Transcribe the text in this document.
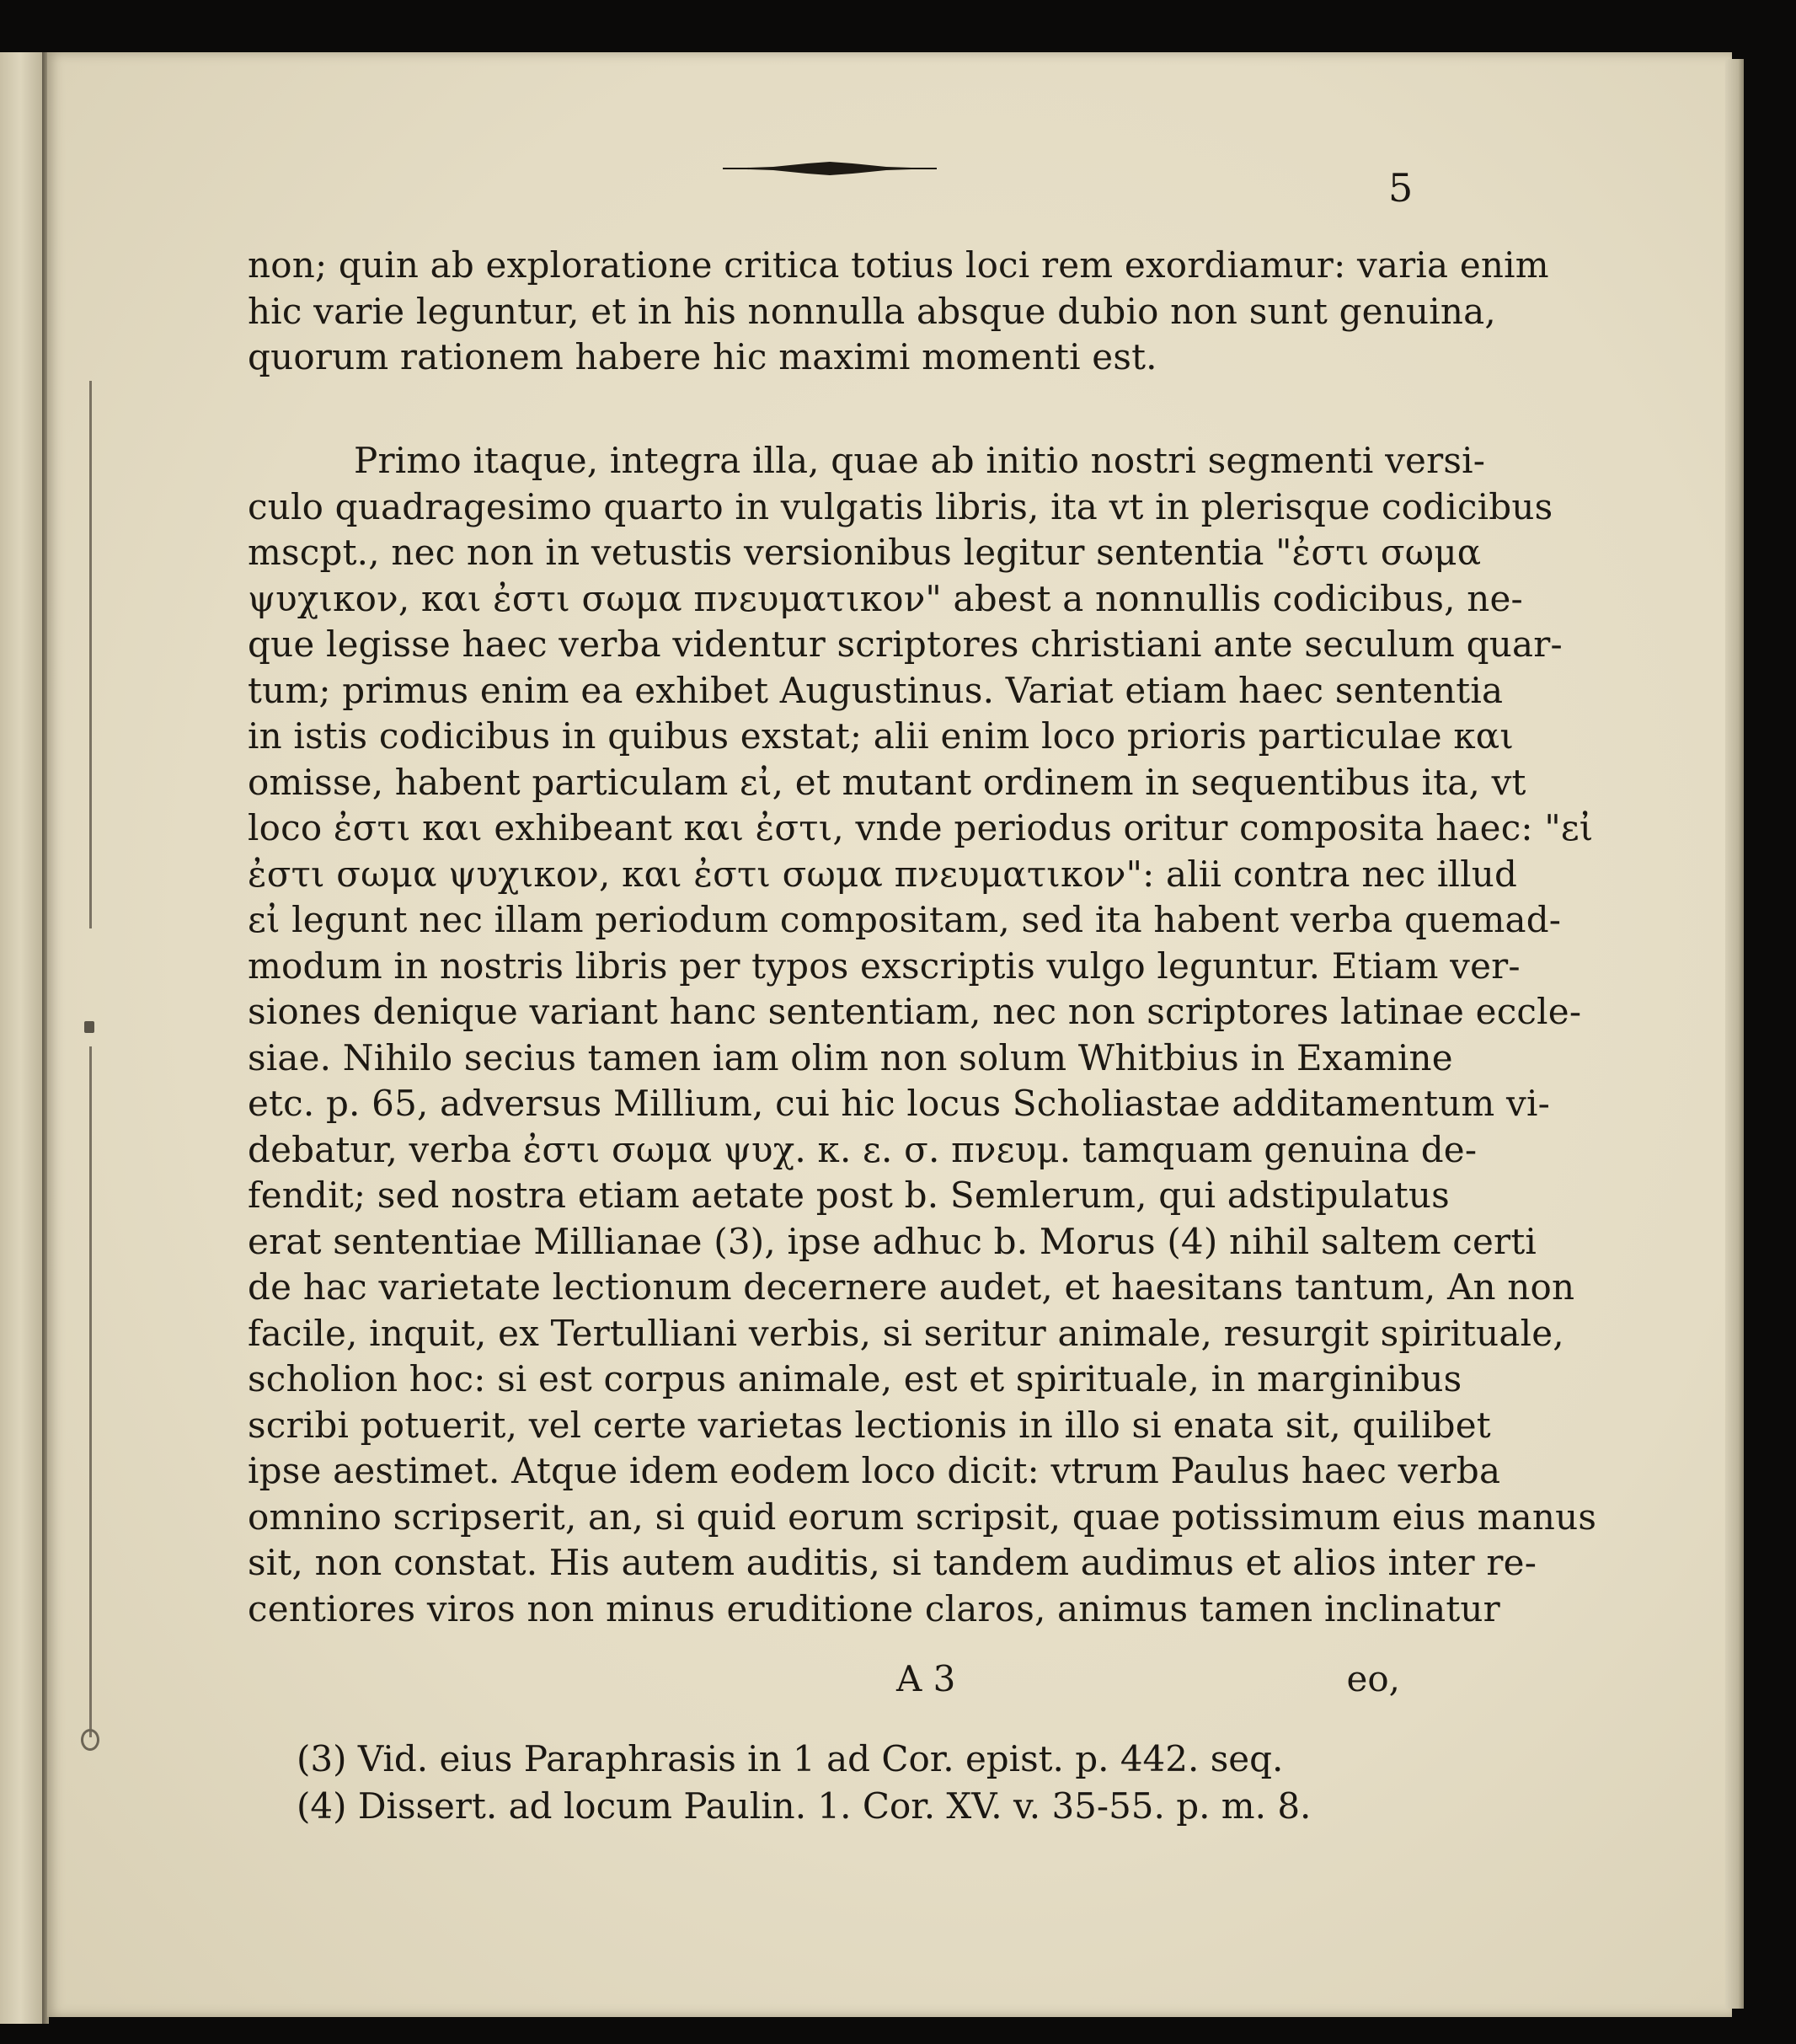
5
non; quin ab exploratione critica totius loci rem exordiamur: varia enim
hic varie leguntur, et in his nonnulla absque dubio non sunt genuina,
quorum rationem habere hic maximi momenti est.
Primo itaque, integra illa, quae ab initio nostri segmenti versi-
culo quadragesimo quarto in vulgatis libris, ita vt in plerisque codicibus
mscpt., nec non in vetustis versionibus legitur sententia "ἐστι σωμα
ψυχικον, και ἐστι σωμα πνευματικον" abest a nonnullis codicibus, ne-
que legisse haec verba videntur scriptores christiani ante seculum quar-
tum; primus enim ea exhibet Augustinus. Variat etiam haec sententia
in istis codicibus in quibus exstat; alii enim loco prioris particulae και
omisse, habent particulam εἰ, et mutant ordinem in sequentibus ita, vt
loco ἐστι και exhibeant και ἐστι, vnde periodus oritur composita haec: "εἰ
ἐστι σωμα ψυχικον, και ἐστι σωμα πνευματικον": alii contra nec illud
εἰ legunt nec illam periodum compositam, sed ita habent verba quemad-
modum in nostris libris per typos exscriptis vulgo leguntur. Etiam ver-
siones denique variant hanc sententiam, nec non scriptores latinae eccle-
siae. Nihilo secius tamen iam olim non solum Whitbius in Examine
etc. p. 65, adversus Millium, cui hic locus Scholiastae additamentum vi-
debatur, verba ἐστι σωμα ψυχ. κ. ε. σ. πνευμ. tamquam genuina de-
fendit; sed nostra etiam aetate post b. Semlerum, qui adstipulatus
erat sententiae Millianae (3), ipse adhuc b. Morus (4) nihil saltem certi
de hac varietate lectionum decernere audet, et haesitans tantum, An non
facile, inquit, ex Tertulliani verbis, si seritur animale, resurgit spirituale,
scholion hoc: si est corpus animale, est et spirituale, in marginibus
scribi potuerit, vel certe varietas lectionis in illo si enata sit, quilibet
ipse aestimet. Atque idem eodem loco dicit: vtrum Paulus haec verba
omnino scripserit, an, si quid eorum scripsit, quae potissimum eius manus
sit, non constat. His autem auditis, si tandem audimus et alios inter re-
centiores viros non minus eruditione claros, animus tamen inclinatur
A 3	eo,
(3) Vid. eius Paraphrasis in 1 ad Cor. epist. p. 442. seq.
(4) Dissert. ad locum Paulin. 1. Cor. XV. v. 35-55. p. m. 8.
